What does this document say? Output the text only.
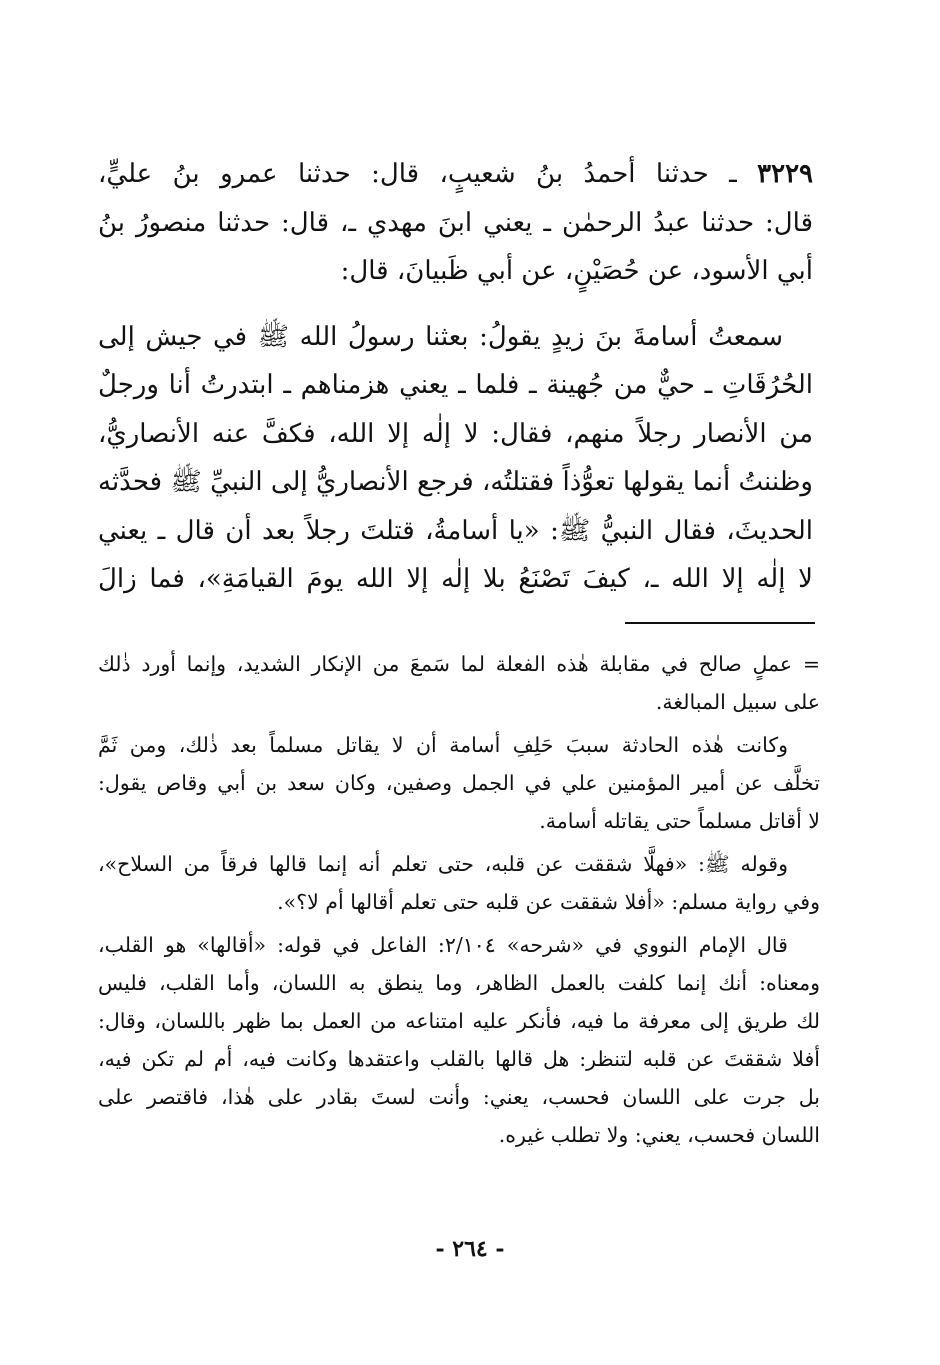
٣٢٢٩ ـ حدثنا أحمدُ بنُ شعيبٍ، قال: حدثنا عمرو بنُ عليٍّ،
قال: حدثنا عبدُ الرحمٰن ـ يعني ابنَ مهدي ـ، قال: حدثنا منصورُ بنُ
أبي الأسود، عن حُصَيْنٍ، عن أبي ظَبيانَ، قال:
سمعتُ أسامةَ بنَ زيدٍ يقولُ: بعثنا رسولُ الله ﷺ في جيش إلى
الحُرُقَاتِ ـ حيٌّ من جُهينة ـ فلما ـ يعني هزمناهم ـ ابتدرتُ أنا ورجلٌ
من الأنصار رجلاً منهم، فقال: لا إلٰه إلا الله، فكفَّ عنه الأنصاريُّ،
وظننتُ أنما يقولها تعوُّذاً فقتلتُه، فرجع الأنصاريُّ إلى النبيِّ ﷺ فحدَّثه
الحديثَ، فقال النبيُّ ﷺ: «يا أسامةُ، قتلتَ رجلاً بعد أن قال ـ يعني
لا إلٰه إلا الله ـ، كيفَ تَصْنَعُ بلا إلٰه إلا الله يومَ القيامَةِ»، فما زالَ
= عملٍ صالح في مقابلة هٰذه الفعلة لما سَمعَ من الإنكار الشديد، وإنما أورد ذٰلك
على سبيل المبالغة.
وكانت هٰذه الحادثة سببَ حَلِفِ أسامة أن لا يقاتل مسلماً بعد ذٰلك، ومن ثَمَّ
تخلَّف عن أمير المؤمنين علي في الجمل وصفين، وكان سعد بن أبي وقاص يقول:
لا أقاتل مسلماً حتى يقاتله أسامة.
وقوله ﷺ: «فهلَّا شققت عن قلبه، حتى تعلم أنه إنما قالها فرقاً من السلاح»،
وفي رواية مسلم: «أفلا شققت عن قلبه حتى تعلم أقالها أم لا؟».
قال الإمام النووي في «شرحه» ٢/١٠٤: الفاعل في قوله: «أقالها» هو القلب،
ومعناه: أنك إنما كلفت بالعمل الظاهر، وما ينطق به اللسان، وأما القلب، فليس
لك طريق إلى معرفة ما فيه، فأنكر عليه امتناعه من العمل بما ظهر باللسان، وقال:
أفلا شققتَ عن قلبه لتنظر: هل قالها بالقلب واعتقدها وكانت فيه، أم لم تكن فيه،
بل جرت على اللسان فحسب، يعني: وأنت لستَ بقادر على هٰذا، فاقتصر على
اللسان فحسب، يعني: ولا تطلب غيره.
- ٢٦٤ -
